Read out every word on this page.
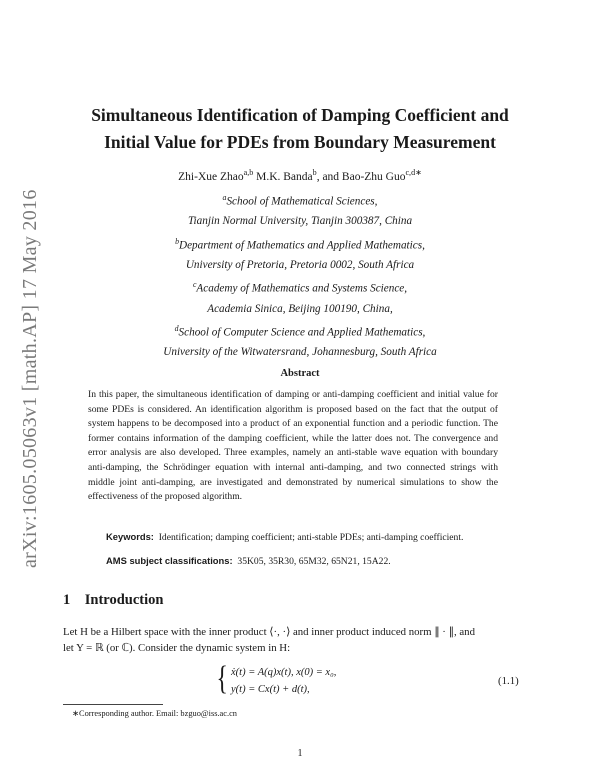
arXiv:1605.05063v1 [math.AP] 17 May 2016
Simultaneous Identification of Damping Coefficient and
Initial Value for PDEs from Boundary Measurement
Zhi-Xue Zhao$^{a,b}$ M.K. Banda$^b$, and Bao-Zhu Guo$^{c,d∗}$
$^a$School of Mathematical Sciences,
Tianjin Normal University, Tianjin 300387, China
$^b$Department of Mathematics and Applied Mathematics,
University of Pretoria, Pretoria 0002, South Africa
$^c$Academy of Mathematics and Systems Science,
Academia Sinica, Beijing 100190, China,
$^d$School of Computer Science and Applied Mathematics,
University of the Witwatersrand, Johannesburg, South Africa
Abstract
In this paper, the simultaneous identification of damping or anti-damping coefficient and initial value for some PDEs is considered. An identification algorithm is proposed based on the fact that the output of system happens to be decomposed into a product of an exponential function and a periodic function. The former contains information of the damping coefficient, while the latter does not. The convergence and error analysis are also developed. Three examples, namely an anti-stable wave equation with boundary anti-damping, the Schrödinger equation with internal anti-damping, and two connected strings with middle joint anti-damping, are investigated and demonstrated by numerical simulations to show the effectiveness of the proposed algorithm.
Keywords: Identification; damping coefficient; anti-stable PDEs; anti-damping coefficient.
AMS subject classifications: 35K05, 35R30, 65M32, 65N21, 15A22.
1 Introduction
Let H be a Hilbert space with the inner product ⟨·, ·⟩ and inner product induced norm ∥ · ∥, and
let Y = ℝ (or ℂ). Consider the dynamic system in H:
{ ẋ(t) = A(q)x(t), x(0) = x₀,
y(t) = Cx(t) + d(t),
(1.1)
∗Corresponding author. Email: bzguo@iss.ac.cn
1
